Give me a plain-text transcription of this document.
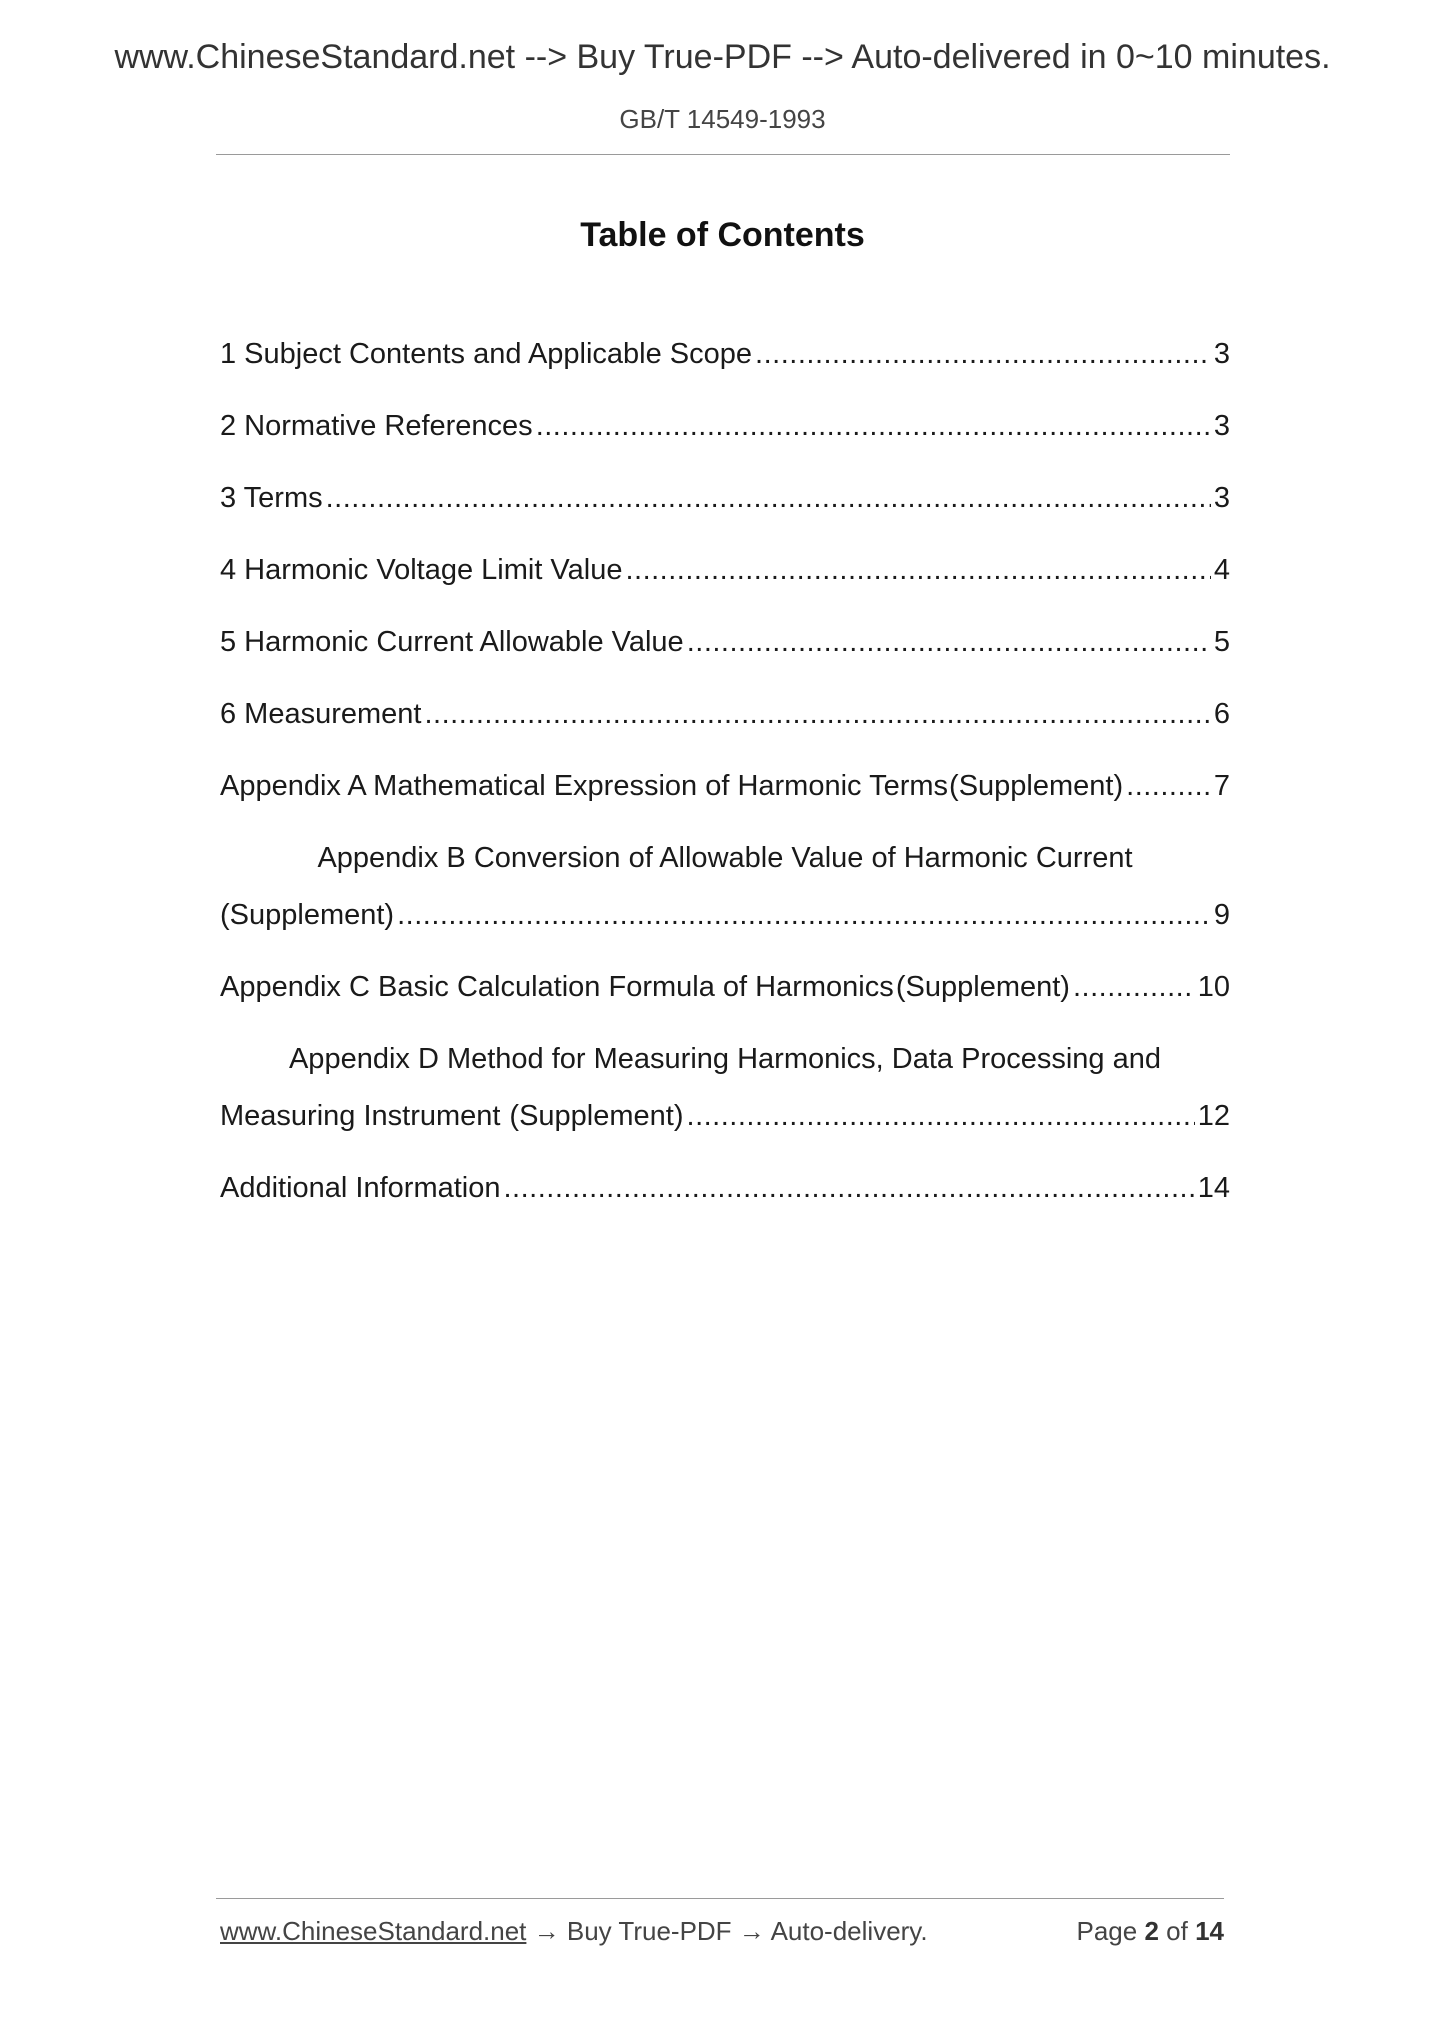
www.ChineseStandard.net --> Buy True-PDF --> Auto-delivered in 0~10 minutes.
GB/T 14549-1993
Table of Contents
1 Subject Contents and Applicable Scope .....	3
2 Normative References .....	3
3 Terms .....	3
4 Harmonic Voltage Limit Value .....	4
5 Harmonic Current Allowable Value .....	5
6 Measurement .....	6
Appendix A Mathematical Expression of Harmonic Terms (Supplement) .....	7
Appendix B Conversion of Allowable Value of Harmonic Current
(Supplement) .....	9
Appendix C Basic Calculation Formula of Harmonics (Supplement) .....	10
Appendix D Method for Measuring Harmonics, Data Processing and
Measuring Instrument (Supplement) .....	12
Additional Information .....	14
www.ChineseStandard.net → Buy True-PDF → Auto-delivery.	Page 2 of 14
